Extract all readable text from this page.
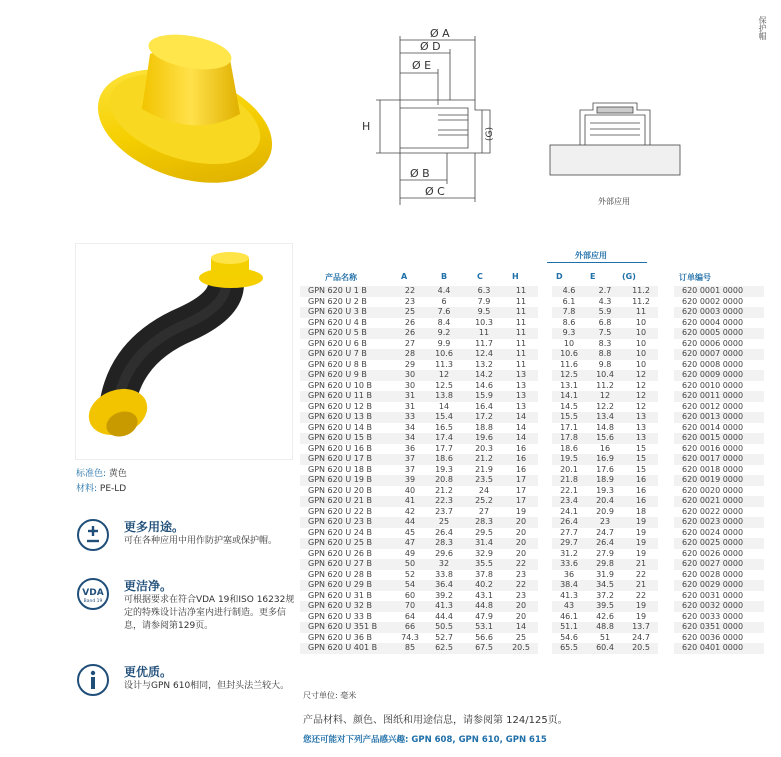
保护帽
Ø A
Ø D
Ø E
H
(G)
Ø B
Ø C
外部应用
标准色: 黄色
材料: PE-LD
更多用途。
可在各种应用中用作防护塞或保护帽。
VDA
Band 19
更洁净。
可根据要求在符合VDA 19和ISO 16232规定的特殊设计洁净室内进行制造。更多信息，请参阅第129页。
更优质。
设计与GPN 610相同，但封头法兰较大。
外部应用
产品名称	A	B	C	H	D	E	(G)	订单编号
GPN 620 U 1 B	22	4.4	6.3	11		4.6	2.7	11.2		620 0001 0000
GPN 620 U 2 B	23	6	7.9	11		6.1	4.3	11.2		620 0002 0000
GPN 620 U 3 B	25	7.6	9.5	11		7.8	5.9	11		620 0003 0000
GPN 620 U 4 B	26	8.4	10.3	11		8.6	6.8	10		620 0004 0000
GPN 620 U 5 B	26	9.2	11	11		9.3	7.5	10		620 0005 0000
GPN 620 U 6 B	27	9.9	11.7	11		10	8.3	10		620 0006 0000
GPN 620 U 7 B	28	10.6	12.4	11		10.6	8.8	10		620 0007 0000
GPN 620 U 8 B	29	11.3	13.2	11		11.6	9.8	10		620 0008 0000
GPN 620 U 9 B	30	12	14.2	13		12.5	10.4	12		620 0009 0000
GPN 620 U 10 B	30	12.5	14.6	13		13.1	11.2	12		620 0010 0000
GPN 620 U 11 B	31	13.8	15.9	13		14.1	12	12		620 0011 0000
GPN 620 U 12 B	31	14	16.4	13		14.5	12.2	12		620 0012 0000
GPN 620 U 13 B	33	15.4	17.2	14		15.5	13.4	13		620 0013 0000
GPN 620 U 14 B	34	16.5	18.8	14		17.1	14.8	13		620 0014 0000
GPN 620 U 15 B	34	17.4	19.6	14		17.8	15.6	13		620 0015 0000
GPN 620 U 16 B	36	17.7	20.3	16		18.6	16	15		620 0016 0000
GPN 620 U 17 B	37	18.6	21.2	16		19.5	16.9	15		620 0017 0000
GPN 620 U 18 B	37	19.3	21.9	16		20.1	17.6	15		620 0018 0000
GPN 620 U 19 B	39	20.8	23.5	17		21.8	18.9	16		620 0019 0000
GPN 620 U 20 B	40	21.2	24	17		22.1	19.3	16		620 0020 0000
GPN 620 U 21 B	41	22.3	25.2	17		23.4	20.4	16		620 0021 0000
GPN 620 U 22 B	42	23.7	27	19		24.1	20.9	18		620 0022 0000
GPN 620 U 23 B	44	25	28.3	20		26.4	23	19		620 0023 0000
GPN 620 U 24 B	45	26.4	29.5	20		27.7	24.7	19		620 0024 0000
GPN 620 U 25 B	47	28.3	31.4	20		29.7	26.4	19		620 0025 0000
GPN 620 U 26 B	49	29.6	32.9	20		31.2	27.9	19		620 0026 0000
GPN 620 U 27 B	50	32	35.5	22		33.6	29.8	21		620 0027 0000
GPN 620 U 28 B	52	33.8	37.8	23		36	31.9	22		620 0028 0000
GPN 620 U 29 B	54	36.4	40.2	22		38.4	34.5	21		620 0029 0000
GPN 620 U 31 B	60	39.2	43.1	23		41.3	37.2	22		620 0031 0000
GPN 620 U 32 B	70	41.3	44.8	20		43	39.5	19		620 0032 0000
GPN 620 U 33 B	64	44.4	47.9	20		46.1	42.6	19		620 0033 0000
GPN 620 U 351 B	66	50.5	53.1	14		51.1	48.8	13.7		620 0351 0000
GPN 620 U 36 B	74.3	52.7	56.6	25		54.6	51	24.7		620 0036 0000
GPN 620 U 401 B	85	62.5	67.5	20.5		65.5	60.4	20.5		620 0401 0000
尺寸单位: 毫米
产品材料、颜色、图纸和用途信息，请参阅第 124/125页。
您还可能对下列产品感兴趣: GPN 608, GPN 610, GPN 615
